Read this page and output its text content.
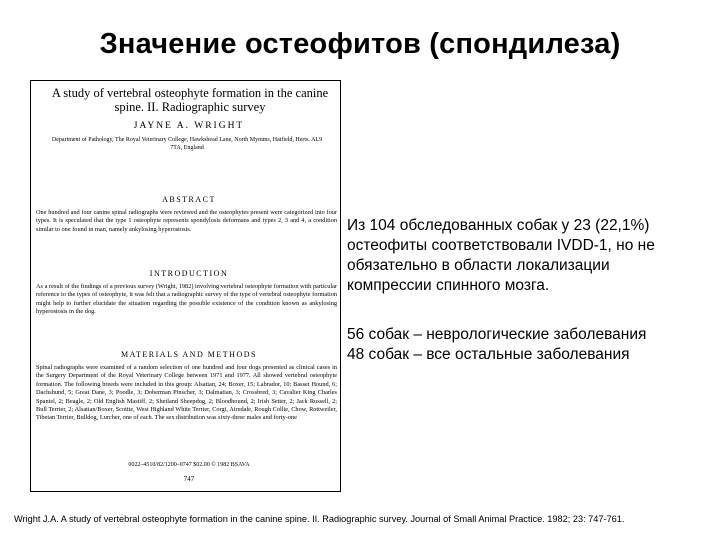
Значение остеофитов (спондилеза)
A study of vertebral osteophyte formation in the canine spine. II. Radiographic survey
JAYNE A. WRIGHT
Department of Pathology, The Royal Veterinary College, Hawkshead Lane, North Mymms, Hatfield, Herts. AL9 7TA, England
ABSTRACT
One hundred and four canine spinal radiographs were reviewed and the osteophytes present were categorized into four types. It is speculated that the type 1 osteophyte represents spondylosis deformans and types 2, 3 and 4, a condition similar to one found in man, namely ankylosing hyperostosis.
INTRODUCTION
As a result of the findings of a previous survey (Wright, 1982) involving vertebral osteophyte formation with particular reference to the types of osteophyte, it was felt that a radiographic survey of the type of vertebral osteophyte formation might help to further elucidate the situation regarding the possible existence of the condition known as ankylosing hyperostosis in the dog.
MATERIALS AND METHODS
Spinal radiographs were examined of a random selection of one hundred and four dogs presented as clinical cases in the Surgery Department of the Royal Veterinary College between 1971 and 1977. All showed vertebral osteophyte formation. The following breeds were included in this group: Alsatian, 24; Boxer, 15; Labrador, 10; Basset Hound, 6; Dachshund, 5; Great Dane, 3; Poodle, 3; Doberman Pinscher, 3; Dalmatian, 3; Crossbred, 3; Cavalier King Charles Spaniel, 2; Beagle, 2; Old English Mastiff, 2; Shetland Sheepdog, 2; Bloodhound, 2; Irish Setter, 2; Jack Russell, 2; Bull Terrier, 2; Alsatian/Boxer, Scottie, West Highland White Terrier, Corgi, Airedale, Rough Collie, Chow, Rottweiler, Tibetan Terrier, Bulldog, Lurcher, one of each. The sex distribution was sixty-three males and forty-one
0022–4510/82/1200–0747 $02.00 © 1982 BSAVA
747
Из 104 обследованных собак у 23 (22,1%) остеофиты соответствовали IVDD-1, но не обязательно в области локализации компрессии спинного мозга.
56 собак – неврологические заболевания
48 собак – все остальные заболевания
Wright J.A. A study of vertebral osteophyte formation in the canine spine. II. Radiographic survey. Journal of Small Animal Practice. 1982; 23: 747-761.
